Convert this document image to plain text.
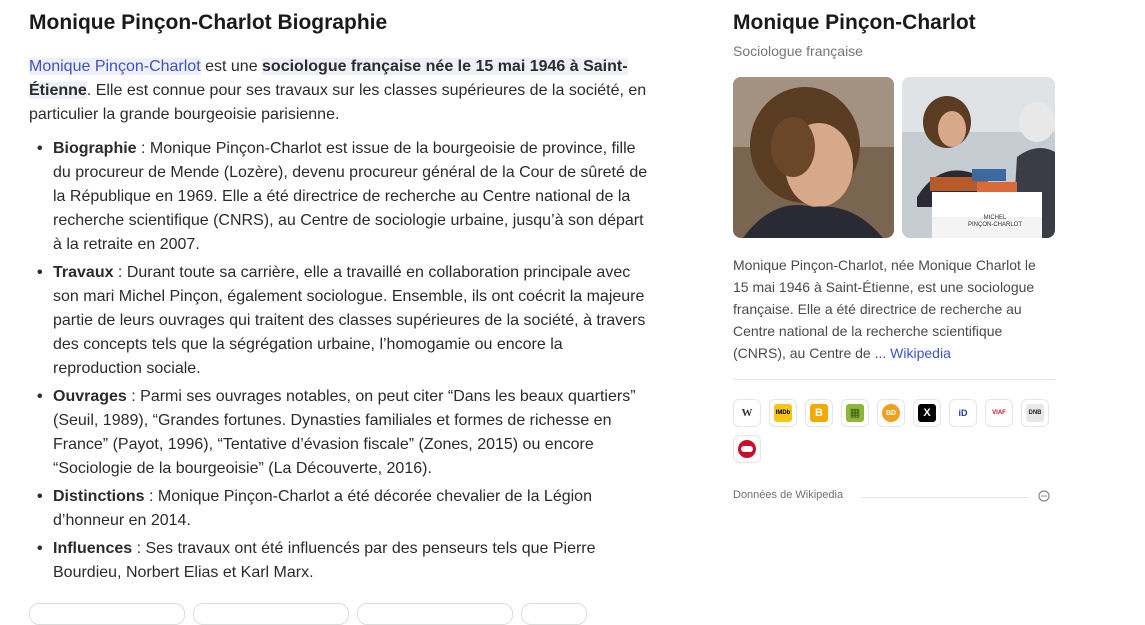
Monique Pinçon-Charlot Biographie
Monique Pinçon-Charlot est une sociologue française née le 15 mai 1946 à Saint-Étienne. Elle est connue pour ses travaux sur les classes supérieures de la société, en particulier la grande bourgeoisie parisienne.
• Biographie : Monique Pinçon-Charlot est issue de la bourgeoisie de province, fille du procureur de Mende (Lozère), devenu procureur général de la Cour de sûreté de la République en 1969. Elle a été directrice de recherche au Centre national de la recherche scientifique (CNRS), au Centre de sociologie urbaine, jusqu’à son départ à la retraite en 2007.
• Travaux : Durant toute sa carrière, elle a travaillé en collaboration principale avec son mari Michel Pinçon, également sociologue. Ensemble, ils ont coécrit la majeure partie de leurs ouvrages qui traitent des classes supérieures de la société, à travers des concepts tels que la ségrégation urbaine, l’homogamie ou encore la reproduction sociale.
• Ouvrages : Parmi ses ouvrages notables, on peut citer “Dans les beaux quartiers” (Seuil, 1989), “Grandes fortunes. Dynasties familiales et formes de richesse en France” (Payot, 1996), “Tentative d’évasion fiscale” (Zones, 2015) ou encore “Sociologie de la bourgeoisie” (La Découverte, 2016).
• Distinctions : Monique Pinçon-Charlot a été décorée chevalier de la Légion d’honneur en 2014.
• Influences : Ses travaux ont été influencés par des penseurs tels que Pierre Bourdieu, Norbert Elias et Karl Marx.
Monique Pinçon-Charlot
Sociologue française
MICHEL
PINÇON-CHARLOT
Monique Pinçon-Charlot, née Monique Charlot le 15 mai 1946 à Saint-Étienne, est une sociologue française. Elle a été directrice de recherche au Centre national de la recherche scientifique (CNRS), au Centre de ... Wikipedia
W	IMDb	B	▦	BD	X	iD	VIAF	DNB
Données de Wikipedia
